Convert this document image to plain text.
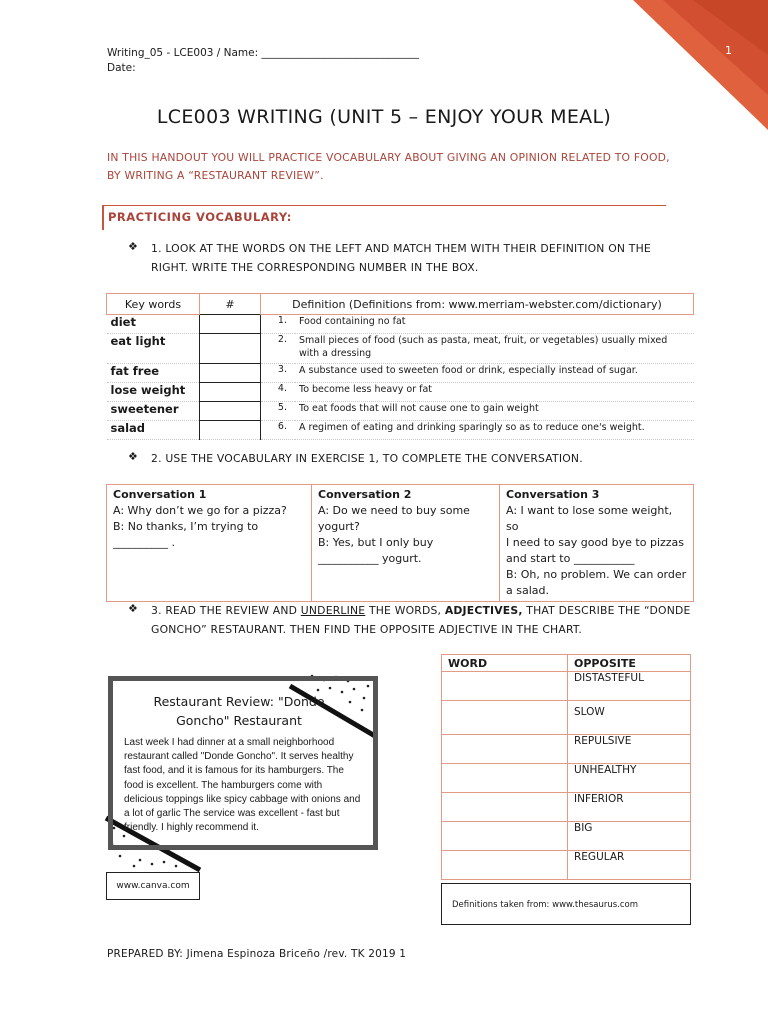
Writing_05 - LCE003 / Name: ______________________________
Date:
1
LCE003 WRITING (UNIT 5 – ENJOY YOUR MEAL)
IN THIS HANDOUT YOU WILL PRACTICE VOCABULARY ABOUT GIVING AN OPINION RELATED TO FOOD,
BY WRITING A “RESTAURANT REVIEW”.
PRACTICING VOCABULARY:
❖ 1. LOOK AT THE WORDS ON THE LEFT AND MATCH THEM WITH THEIR DEFINITION ON THE
RIGHT. WRITE THE CORRESPONDING NUMBER IN THE BOX.
Key words	#	Definition (Definitions from: www.merriam-webster.com/dictionary)	
diet		1.	Food containing no fat
eat light		2.	Small pieces of food (such as pasta, meat, fruit, or vegetables) usually mixed with a dressing
fat free		3.	A substance used to sweeten food or drink, especially instead of sugar.
lose weight		4.	To become less heavy or fat
sweetener		5.	To eat foods that will not cause one to gain weight
salad		6.	A regimen of eating and drinking sparingly so as to reduce one's weight.
❖ 2. USE THE VOCABULARY IN EXERCISE 1, TO COMPLETE THE CONVERSATION.
Conversation 1
A: Why don’t we go for a pizza?
B: No thanks, I’m trying to
__________ .

Conversation 2
A: Do we need to buy some
yogurt?
B: Yes, but I only buy
___________ yogurt.

Conversation 3
A: I want to lose some weight, so
I need to say good bye to pizzas
and start to ___________
B: Oh, no problem. We can order
a salad.
❖ 3. READ THE REVIEW AND UNDERLINE THE WORDS, ADJECTIVES, THAT DESCRIBE THE “DONDE
GONCHO” RESTAURANT. THEN FIND THE OPPOSITE ADJECTIVE IN THE CHART.
Restaurant Review: "Donde
Goncho" Restaurant
Last week I had dinner at a small neighborhood
restaurant called "Donde Goncho". It serves healthy
fast food, and it is famous for its hamburgers. The
food is excellent. The hamburgers come with
delicious toppings like spicy cabbage with onions and
a lot of garlic The service was excellent - fast but
friendly. I highly recommend it.
www.canva.com
WORD	OPPOSITE
	DISTASTEFUL
	SLOW
	REPULSIVE
	UNHEALTHY
	INFERIOR
	BIG
	REGULAR
Definitions taken from: www.thesaurus.com
PREPARED BY: Jimena Espinoza Briceño /rev. TK 2019 1
